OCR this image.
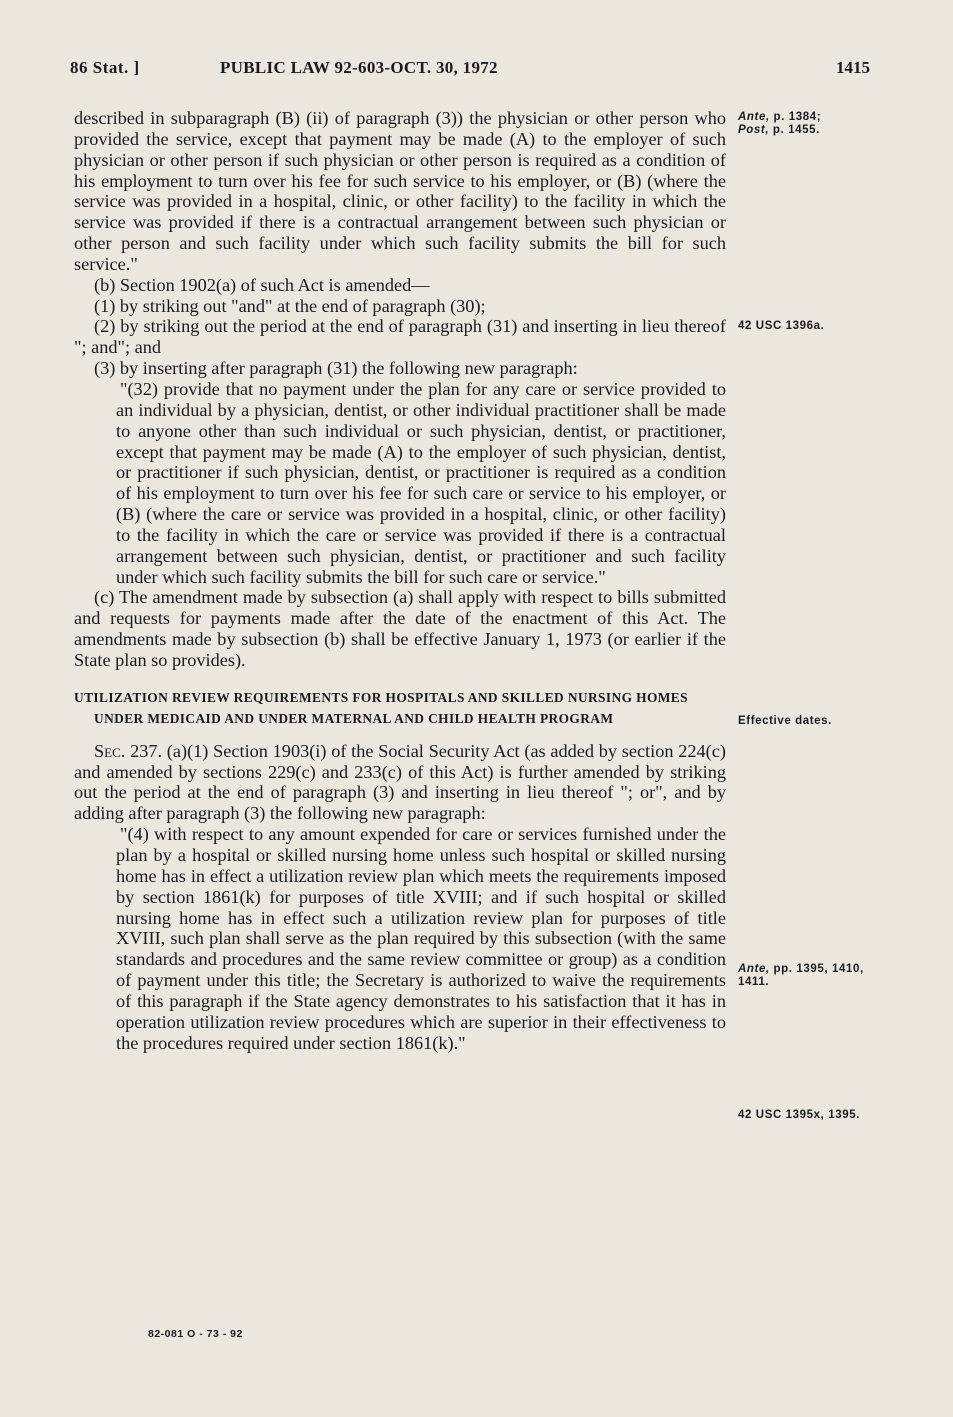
86 Stat. ]	PUBLIC LAW 92-603-OCT. 30, 1972	1415

described in subparagraph (B) (ii) of paragraph (3)) the physician or other person who provided the service, except that payment may be made (A) to the employer of such physician or other person if such physician or other person is required as a condition of his employment to turn over his fee for such service to his employer, or (B) (where the service was provided in a hospital, clinic, or other facility) to the facility in which the service was provided if there is a contractual arrangement between such physician or other person and such facility under which such facility submits the bill for such service."

(b) Section 1902(a) of such Act is amended—

(1) by striking out "and" at the end of paragraph (30);

(2) by striking out the period at the end of paragraph (31) and inserting in lieu thereof "; and"; and

(3) by inserting after paragraph (31) the following new paragraph:

"(32) provide that no payment under the plan for any care or service provided to an individual by a physician, dentist, or other individual practitioner shall be made to anyone other than such individual or such physician, dentist, or practitioner, except that payment may be made (A) to the employer of such physician, dentist, or practitioner if such physician, dentist, or practitioner is required as a condition of his employment to turn over his fee for such care or service to his employer, or (B) (where the care or service was provided in a hospital, clinic, or other facility) to the facility in which the care or service was provided if there is a contractual arrangement between such physician, dentist, or practitioner and such facility under which such facility submits the bill for such care or service."

(c) The amendment made by subsection (a) shall apply with respect to bills submitted and requests for payments made after the date of the enactment of this Act. The amendments made by subsection (b) shall be effective January 1, 1973 (or earlier if the State plan so provides).

UTILIZATION REVIEW REQUIREMENTS FOR HOSPITALS AND SKILLED NURSING HOMES UNDER MEDICAID AND UNDER MATERNAL AND CHILD HEALTH PROGRAM

Sec. 237. (a)(1) Section 1903(i) of the Social Security Act (as added by section 224(c) and amended by sections 229(c) and 233(c) of this Act) is further amended by striking out the period at the end of paragraph (3) and inserting in lieu thereof "; or", and by adding after paragraph (3) the following new paragraph:

"(4) with respect to any amount expended for care or services furnished under the plan by a hospital or skilled nursing home unless such hospital or skilled nursing home has in effect a utilization review plan which meets the requirements imposed by section 1861(k) for purposes of title XVIII; and if such hospital or skilled nursing home has in effect such a utilization review plan for purposes of title XVIII, such plan shall serve as the plan required by this subsection (with the same standards and procedures and the same review committee or group) as a condition of payment under this title; the Secretary is authorized to waive the requirements of this paragraph if the State agency demonstrates to his satisfaction that it has in operation utilization review procedures which are superior in their effectiveness to the procedures required under section 1861(k)."

Ante, p. 1384;
Post, p. 1455.
42 USC 1396a.
Effective dates.
Ante, pp. 1395, 1410, 1411.
42 USC 1395x, 1395.
82-081 O - 73 - 92
